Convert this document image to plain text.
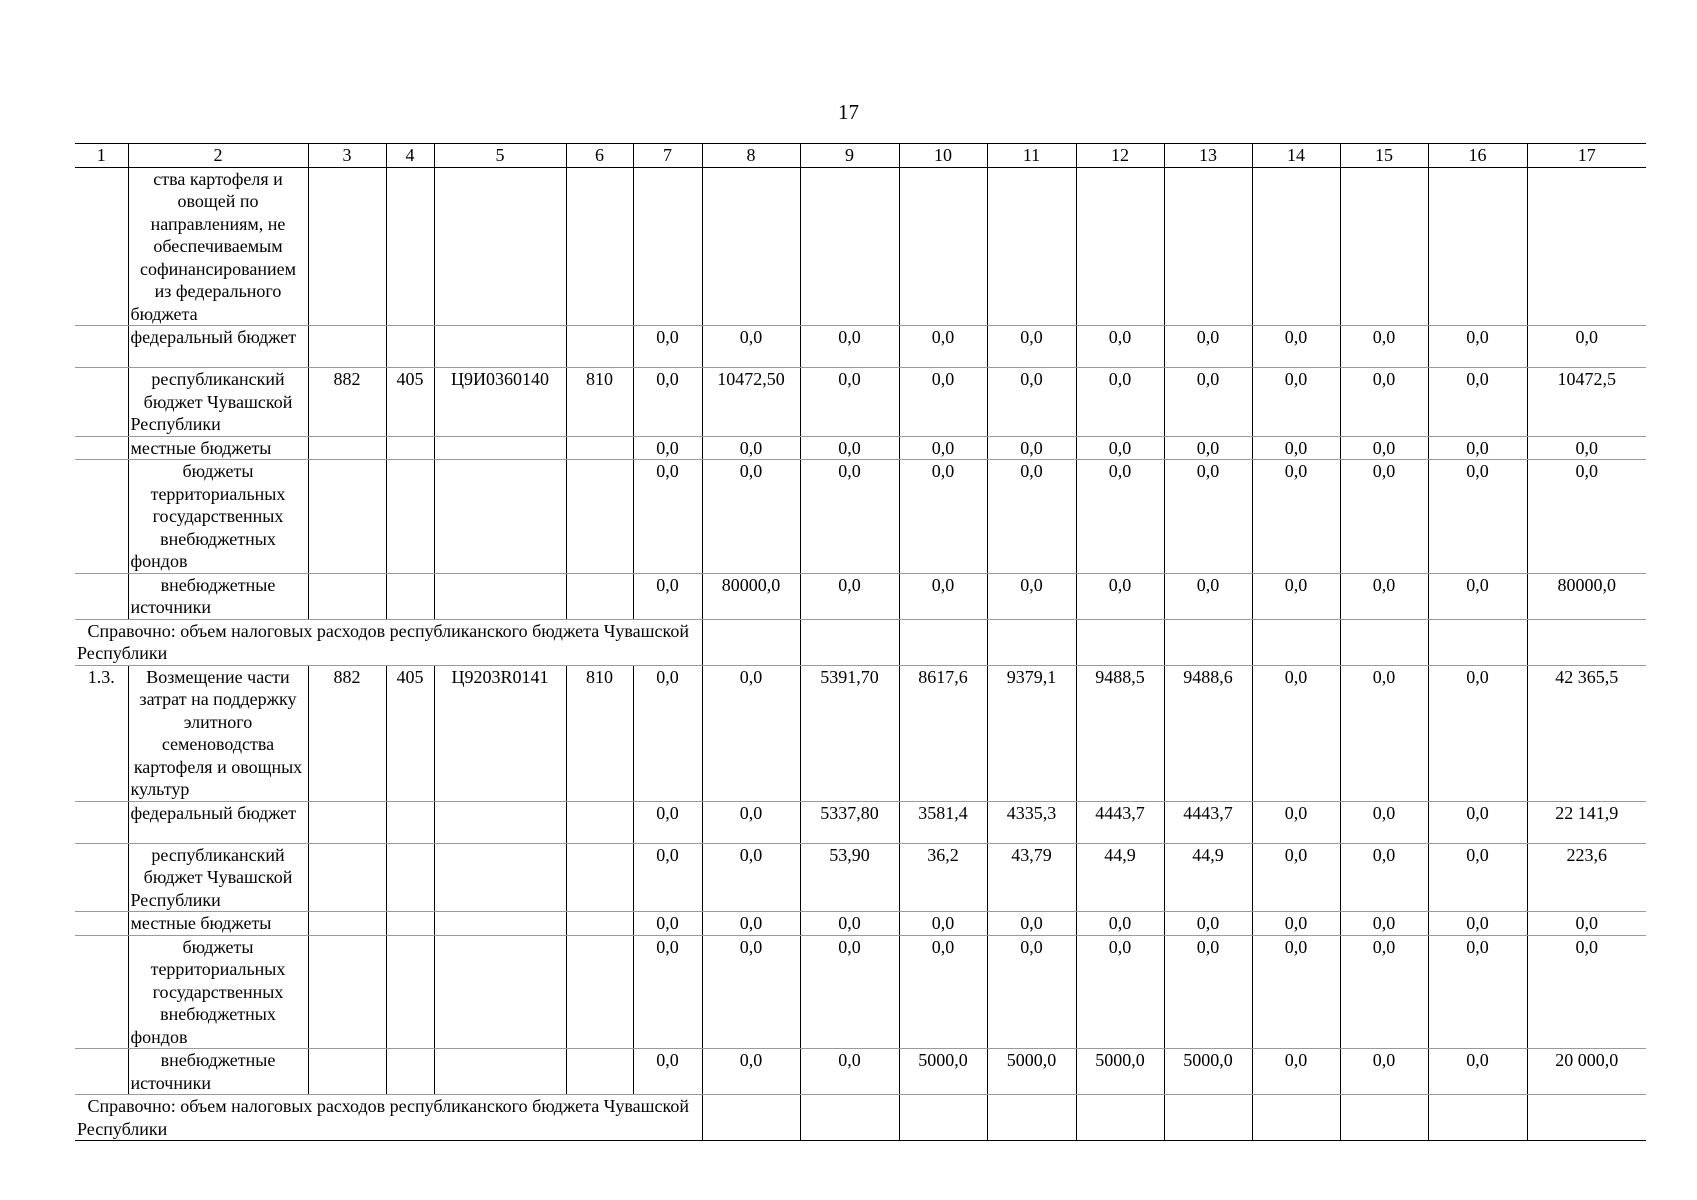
17
1	2	3	4	5	6	7	8	9	10	11	12	13	14	15	16	17
	ства картофеля и овощей по направлениям, не обеспечиваемым софинансированием из федерального бюджета															
	федеральный бюджет					0,0	0,0	0,0	0,0	0,0	0,0	0,0	0,0	0,0	0,0	0,0
	республиканский бюджет Чувашской Республики	882	405	Ц9И0360140	810	0,0	10472,50	0,0	0,0	0,0	0,0	0,0	0,0	0,0	0,0	10472,5
	местные бюджеты					0,0	0,0	0,0	0,0	0,0	0,0	0,0	0,0	0,0	0,0	0,0
	бюджеты территориальных государственных внебюджетных фондов					0,0	0,0	0,0	0,0	0,0	0,0	0,0	0,0	0,0	0,0	0,0
	внебюджетные источники					0,0	80000,0	0,0	0,0	0,0	0,0	0,0	0,0	0,0	0,0	80000,0
Справочно: объем налоговых расходов республиканского бюджета Чувашской Республики																
1.3.	Возмещение части затрат на поддержку элитного семеноводства картофеля и овощных культур	882	405	Ц9203R0141	810	0,0	0,0	5391,70	8617,6	9379,1	9488,5	9488,6	0,0	0,0	0,0	42 365,5
	федеральный бюджет					0,0	0,0	5337,80	3581,4	4335,3	4443,7	4443,7	0,0	0,0	0,0	22 141,9
	республиканский бюджет Чувашской Республики					0,0	0,0	53,90	36,2	43,79	44,9	44,9	0,0	0,0	0,0	223,6
	местные бюджеты					0,0	0,0	0,0	0,0	0,0	0,0	0,0	0,0	0,0	0,0	0,0
	бюджеты территориальных государственных внебюджетных фондов					0,0	0,0	0,0	0,0	0,0	0,0	0,0	0,0	0,0	0,0	0,0
	внебюджетные источники					0,0	0,0	0,0	5000,0	5000,0	5000,0	5000,0	0,0	0,0	0,0	20 000,0
Справочно: объем налоговых расходов республиканского бюджета Чувашской Республики																
